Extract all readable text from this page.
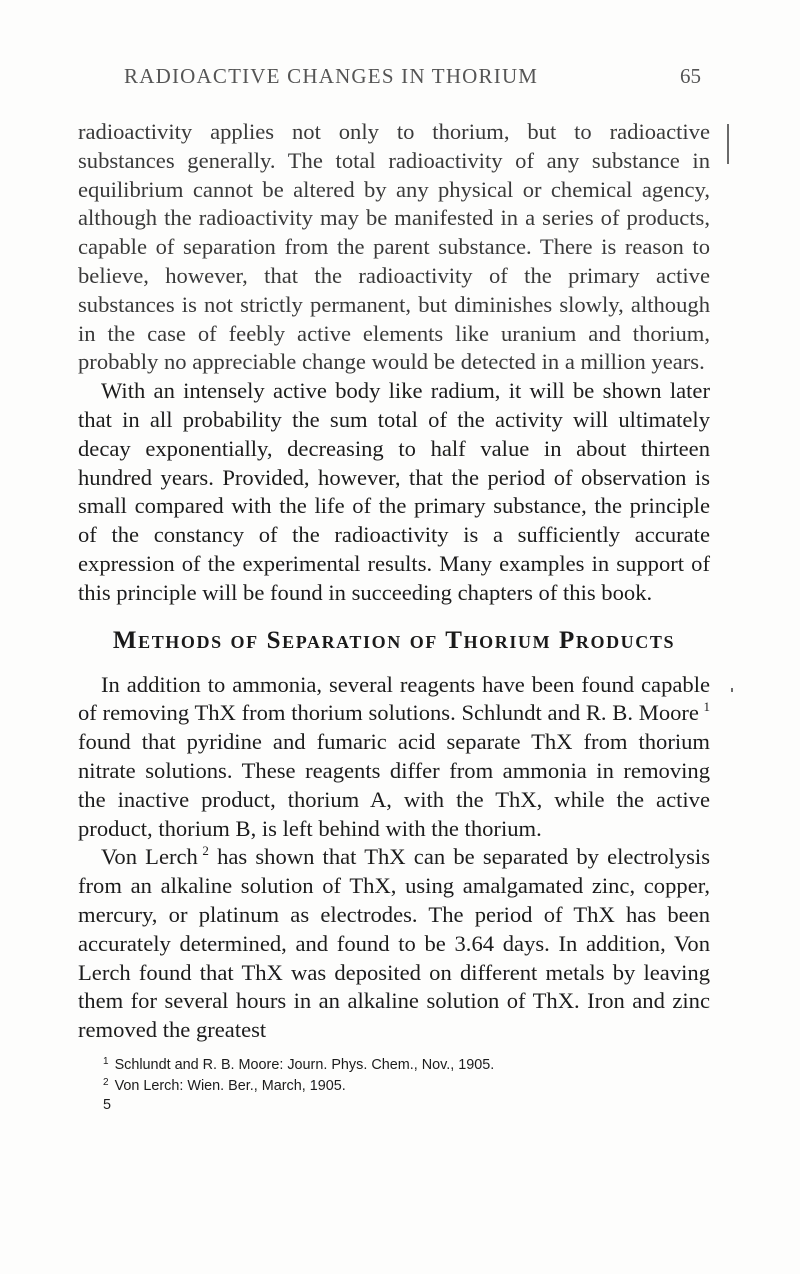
RADIOACTIVE CHANGES IN THORIUM	65

radioactivity applies not only to thorium, but to radioactive substances generally. The total radioactivity of any substance in equilibrium cannot be altered by any physical or chemical agency, although the radioactivity may be manifested in a series of products, capable of separation from the parent substance. There is reason to believe, however, that the radioactivity of the primary active substances is not strictly permanent, but diminishes slowly, although in the case of feebly active elements like uranium and thorium, probably no appreciable change would be detected in a million years.

With an intensely active body like radium, it will be shown later that in all probability the sum total of the activity will ultimately decay exponentially, decreasing to half value in about thirteen hundred years. Provided, however, that the period of observation is small compared with the life of the primary substance, the principle of the constancy of the radioactivity is a sufficiently accurate expression of the experimental results. Many examples in support of this principle will be found in succeeding chapters of this book.

Methods of Separation of Thorium Products

In addition to ammonia, several reagents have been found capable of removing ThX from thorium solutions. Schlundt and R. B. Moore  $^1$ found that pyridine and fumaric acid separate ThX from thorium nitrate solutions. These reagents differ from ammonia in removing the inactive product, thorium A, with the ThX, while the active product, thorium B, is left behind with the thorium.

Von Lerch  $^2$ has shown that ThX can be separated by electrolysis from an alkaline solution of ThX, using amalgamated zinc, copper, mercury, or platinum as electrodes. The period of ThX has been accurately determined, and found to be 3.64 days. In addition, Von Lerch found that ThX was deposited on different metals by leaving them for several hours in an alkaline solution of ThX. Iron and zinc removed the greatest

$^1$ Schlundt and R. B. Moore: Journ. Phys. Chem., Nov., 1905.

$^2$ Von Lerch: Wien. Ber., March, 1905.

5
